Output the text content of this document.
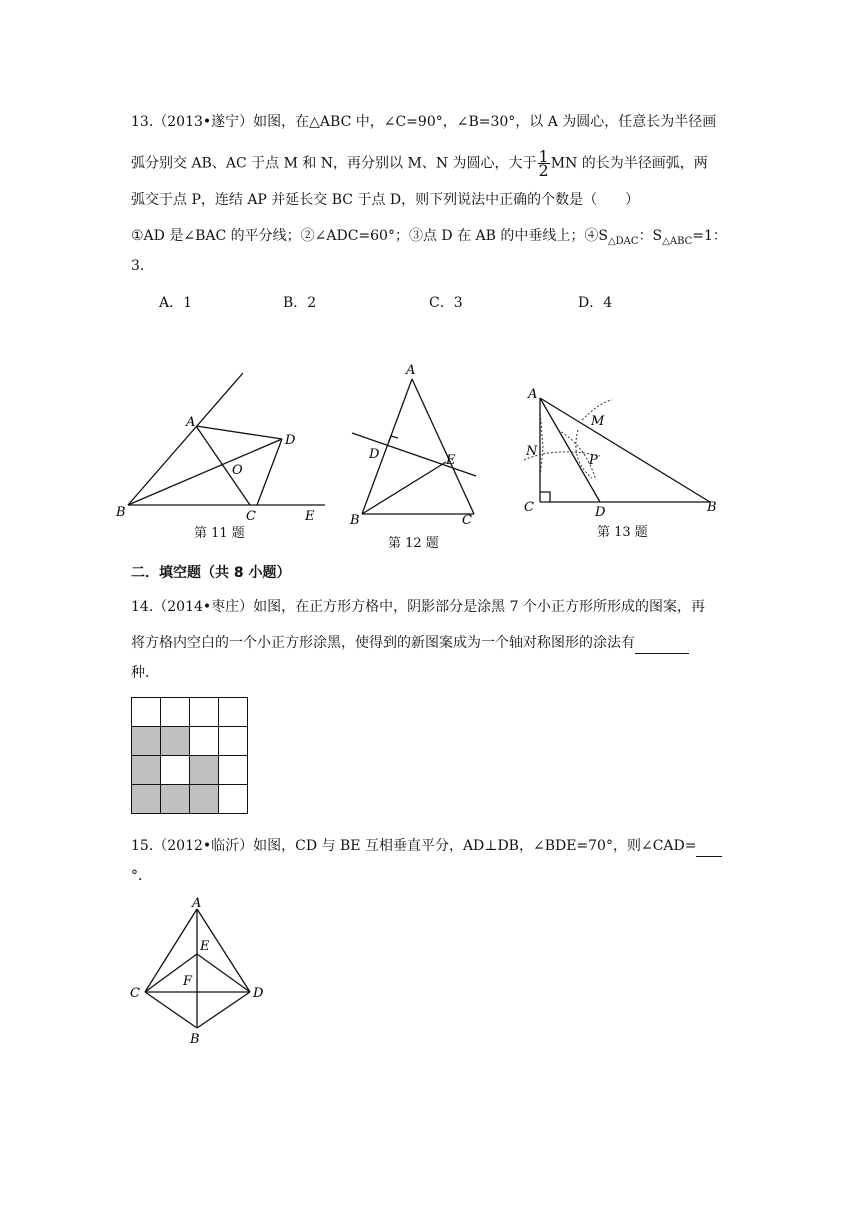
13.（2013•遂宁）如图，在△ABC 中，∠C=90°，∠B=30°，以 A 为圆心，任意长为半径画
弧分别交 AB、AC 于点 M 和 N，再分别以 M、N 为圆心，大于 $\frac{1}{2}$ MN 的长为半径画弧，两
弧交于点 P，连结 AP 并延长交 BC 于点 D，则下列说法中正确的个数是（　　）
①AD 是∠BAC 的平分线；②∠ADC=60°；③点 D 在 AB 的中垂线上；$④S_{\triangle DAC}$：$S_{\triangle ABC}=1$：
3．
A．1	B．2	C．3	D．4
A
B	C
D
E
O
第 11 题
A
B	C
D	E
第 12 题
A
B
C	D
M
N
P
第 13 题
二．填空题（共 8 小题）
14.（2014•枣庄）如图，在正方形方格中，阴影部分是涂黑 7 个小正方形所形成的图案，再
将方格内空白的一个小正方形涂黑，使得到的新图案成为一个轴对称图形的涂法有
种．
15.（2012•临沂）如图，CD 与 BE 互相垂直平分，AD⊥DB，∠BDE=70°，则∠CAD=
°．
A
B
C	D
E
F
